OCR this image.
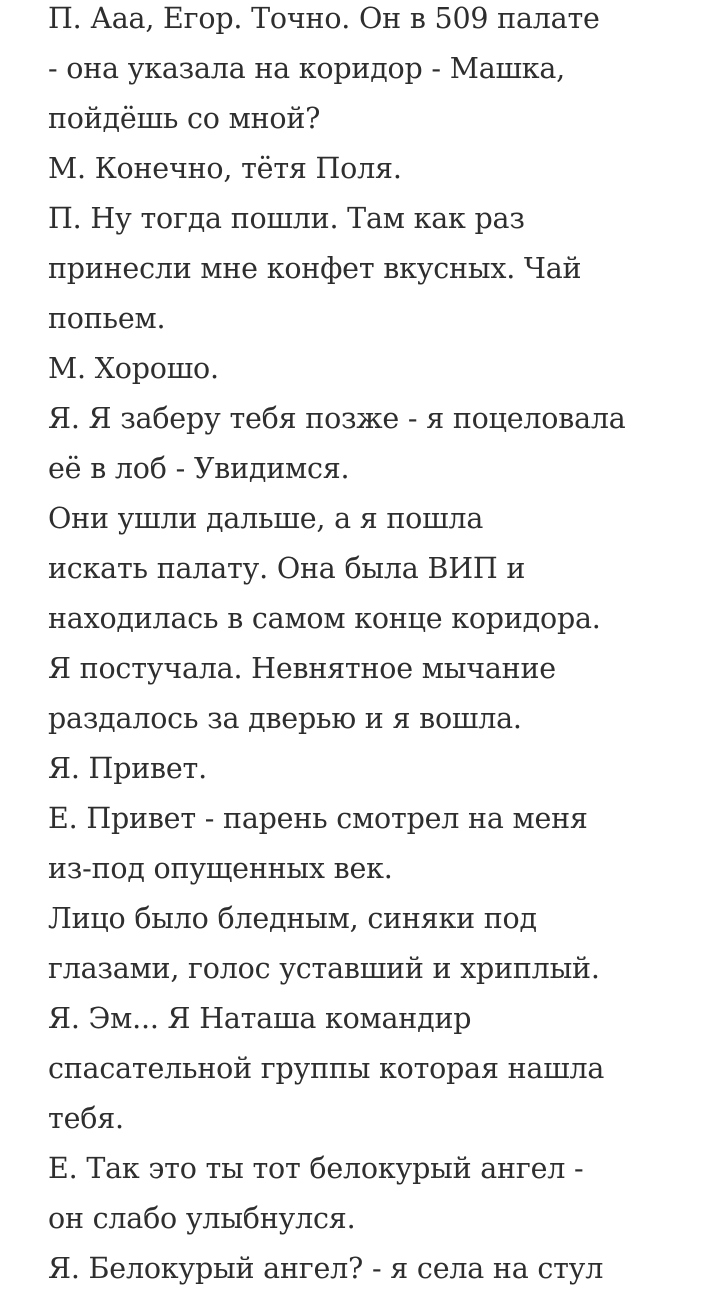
П. Ааа, Егор. Точно. Он в 509 палате
- она указала на коридор - Машка,
пойдёшь со мной?
М. Конечно, тётя Поля.
П. Ну тогда пошли. Там как раз
принесли мне конфет вкусных. Чай
попьем.
М. Хорошо.
Я. Я заберу тебя позже - я поцеловала
её в лоб - Увидимся.
Они ушли дальше, а я пошла
искать палату. Она была ВИП и
находилась в самом конце коридора.
Я постучала. Невнятное мычание
раздалось за дверью и я вошла.
Я. Привет.
Е. Привет - парень смотрел на меня
из-под опущенных век.
Лицо было бледным, синяки под
глазами, голос уставший и хриплый.
Я. Эм... Я Наташа командир
спасательной группы которая нашла
тебя.
Е. Так это ты тот белокурый ангел -
он слабо улыбнулся.
Я. Белокурый ангел? - я села на стул
